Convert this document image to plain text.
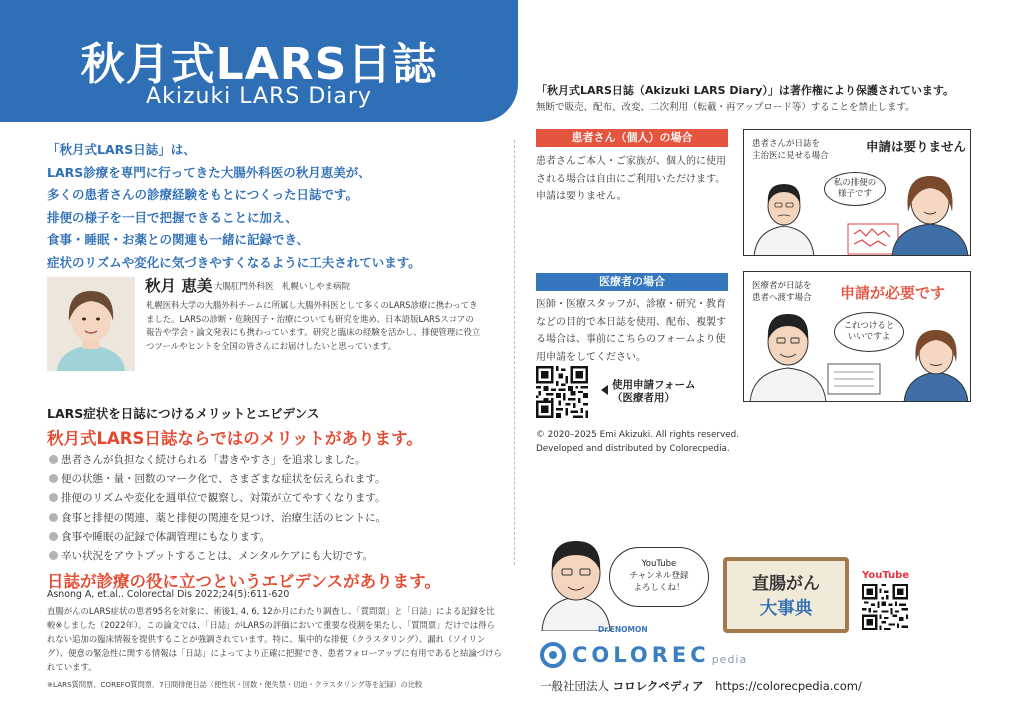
秋月式LARS日誌
Akizuki LARS Diary
「秋月式LARS日誌」は、
LARS診療を専門に行ってきた大腸外科医の秋月恵美が、
多くの患者さんの診療経験をもとにつくった日誌です。
排便の様子を一目で把握できることに加え、
食事・睡眠・お薬との関連も一緒に記録でき、
症状のリズムや変化に気づきやすくなるように工夫されています。
秋月 恵美 大腸肛門外科医　札幌いしやま病院
札幌医科大学の大腸外科チームに所属し大腸外科医として多くのLARS診療に携わってきました。LARSの診断・危険因子・治療についても研究を進め、日本語版LARSスコアの報告や学会・論文発表にも携わっています。研究と臨床の経験を活かし、排便管理に役立つツールやヒントを全国の皆さんにお届けしたいと思っています。
LARS症状を日誌につけるメリットとエビデンス
秋月式LARS日誌ならではのメリットがあります。
患者さんが負担なく続けられる「書きやすさ」を追求しました。
便の状態・量・回数のマーク化で、さまざまな症状を伝えられます。
排便のリズムや変化を週単位で観察し、対策が立てやすくなります。
食事と排便の関連、薬と排便の関連を見つけ、治療生活のヒントに。
食事や睡眠の記録で体調管理にもなります。
辛い状況をアウトプットすることは、メンタルケアにも大切です。
日誌が診療の役に立つというエビデンスがあります。
Asnong A, et.al.. Colorectal Dis 2022;24(5):611-620
直腸がんのLARS症状の患者95名を対象に、術後1, 4, 6, 12か月にわたり調査し、「質問票」と「日誌」による記録を比較※しました（2022年）。この論文では、「日誌」がLARSの評価において重要な役割を果たし、「質問票」だけでは得られない追加の臨床情報を提供することが強調されています。特に、集中的な排便（クラスタリング）、漏れ（ソイリング）、便意の緊急性に関する情報は「日誌」によってより正確に把握でき、患者フォローアップに有用であると結論づけられています。
※LARS質問票、COREFO質問票、7日間排便日誌（便性状・回数・便失禁・切迫・クラスタリング等を記録）の比較
「秋月式LARS日誌（Akizuki LARS Diary）」は著作権により保護されています。
無断で販売、配布、改変、二次利用（転載・再アップロード等）することを禁止します。
患者さん（個人）の場合
患者さんご本人・ご家族が、個人的に使用される場合は自由にご利用いただけます。申請は要りません。
患者さんが日誌を
主治医に見せる場合
申請は要りません
私の排便の
様子です
医療者の場合
医師・医療スタッフが、診療・研究・教育などの目的で本日誌を使用、配布、複製する場合は、事前にこちらのフォームより使用申請をしてください。
医療者が日誌を
患者へ渡す場合 申請が必要です
これつけると
いいですよ
使用申請フォーム
（医療者用）
© 2020–2025 Emi Akizuki. All rights reserved.
Developed and distributed by Colorecpedia.
YouTube
チャンネル登録
よろしくね！
Dr.ENOMON
直腸がん
大事典
YouTube
COLOREC pedia
一般社団法人 コロレクペディア https://colorecpedia.com/
